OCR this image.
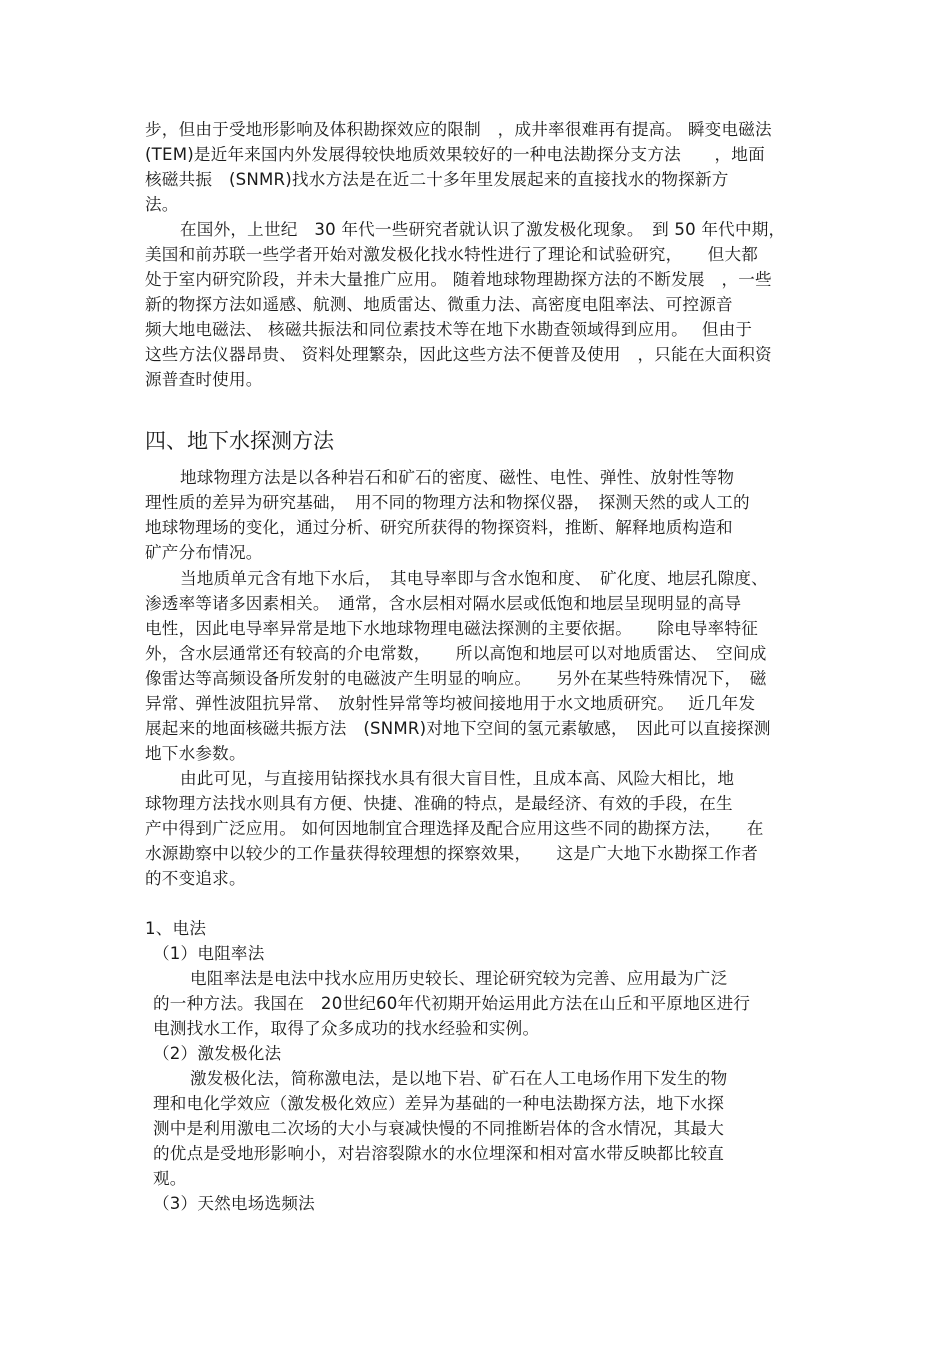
步，但由于受地形影响及体积勘探效应的限制　，成井率很难再有提高。 瞬变电磁法
(TEM)是近年来国内外发展得较快地质效果较好的一种电法勘探分支方法　　，地面
核磁共振　(SNMR)找水方法是在近二十多年里发展起来的直接找水的物探新方
法。
在国外，上世纪　30 年代一些研究者就认识了激发极化现象。　到 50 年代中期，
美国和前苏联一些学者开始对激发极化找水特性进行了理论和试验研究，　　但大都
处于室内研究阶段，并未大量推广应用。 随着地球物理勘探方法的不断发展　，一些
新的物探方法如遥感、航测、地质雷达、微重力法、高密度电阻率法、可控源音
频大地电磁法、 核磁共振法和同位素技术等在地下水勘查领域得到应用。　 但由于
这些方法仪器昂贵、 资料处理繁杂，因此这些方法不便普及使用　，只能在大面积资
源普查时使用。
四、地下水探测方法
地球物理方法是以各种岩石和矿石的密度、磁性、电性、弹性、放射性等物
理性质的差异为研究基础，　用不同的物理方法和物探仪器，　探测天然的或人工的
地球物理场的变化，通过分析、研究所获得的物探资料，推断、解释地质构造和
矿产分布情况。
当地质单元含有地下水后，　其电导率即与含水饱和度、　矿化度、地层孔隙度、
渗透率等诸多因素相关。　通常，含水层相对隔水层或低饱和地层呈现明显的高导
电性，因此电导率异常是地下水地球物理电磁法探测的主要依据。　　除电导率特征
外，含水层通常还有较高的介电常数，　　所以高饱和地层可以对地质雷达、　空间成
像雷达等高频设备所发射的电磁波产生明显的响应。　　另外在某些特殊情况下，　磁
异常、弹性波阻抗异常、　放射性异常等均被间接地用于水文地质研究。　 近几年发
展起来的地面核磁共振方法　(SNMR)对地下空间的氢元素敏感，　因此可以直接探测
地下水参数。
由此可见，与直接用钻探找水具有很大盲目性，且成本高、风险大相比，地
球物理方法找水则具有方便、快捷、准确的特点，是最经济、有效的手段，在生
产中得到广泛应用。 如何因地制宜合理选择及配合应用这些不同的勘探方法，　　在
水源勘察中以较少的工作量获得较理想的探察效果，　　这是广大地下水勘探工作者
的不变追求。
1、电法
（1）电阻率法
电阻率法是电法中找水应用历史较长、理论研究较为完善、应用最为广泛
的一种方法。我国在　20世纪60年代初期开始运用此方法在山丘和平原地区进行
电测找水工作，取得了众多成功的找水经验和实例。
（2）激发极化法
激发极化法，简称激电法，是以地下岩、矿石在人工电场作用下发生的物
理和电化学效应（激发极化效应）差异为基础的一种电法勘探方法，地下水探
测中是利用激电二次场的大小与衰减快慢的不同推断岩体的含水情况，其最大
的优点是受地形影响小，对岩溶裂隙水的水位埋深和相对富水带反映都比较直
观。
（3）天然电场选频法
